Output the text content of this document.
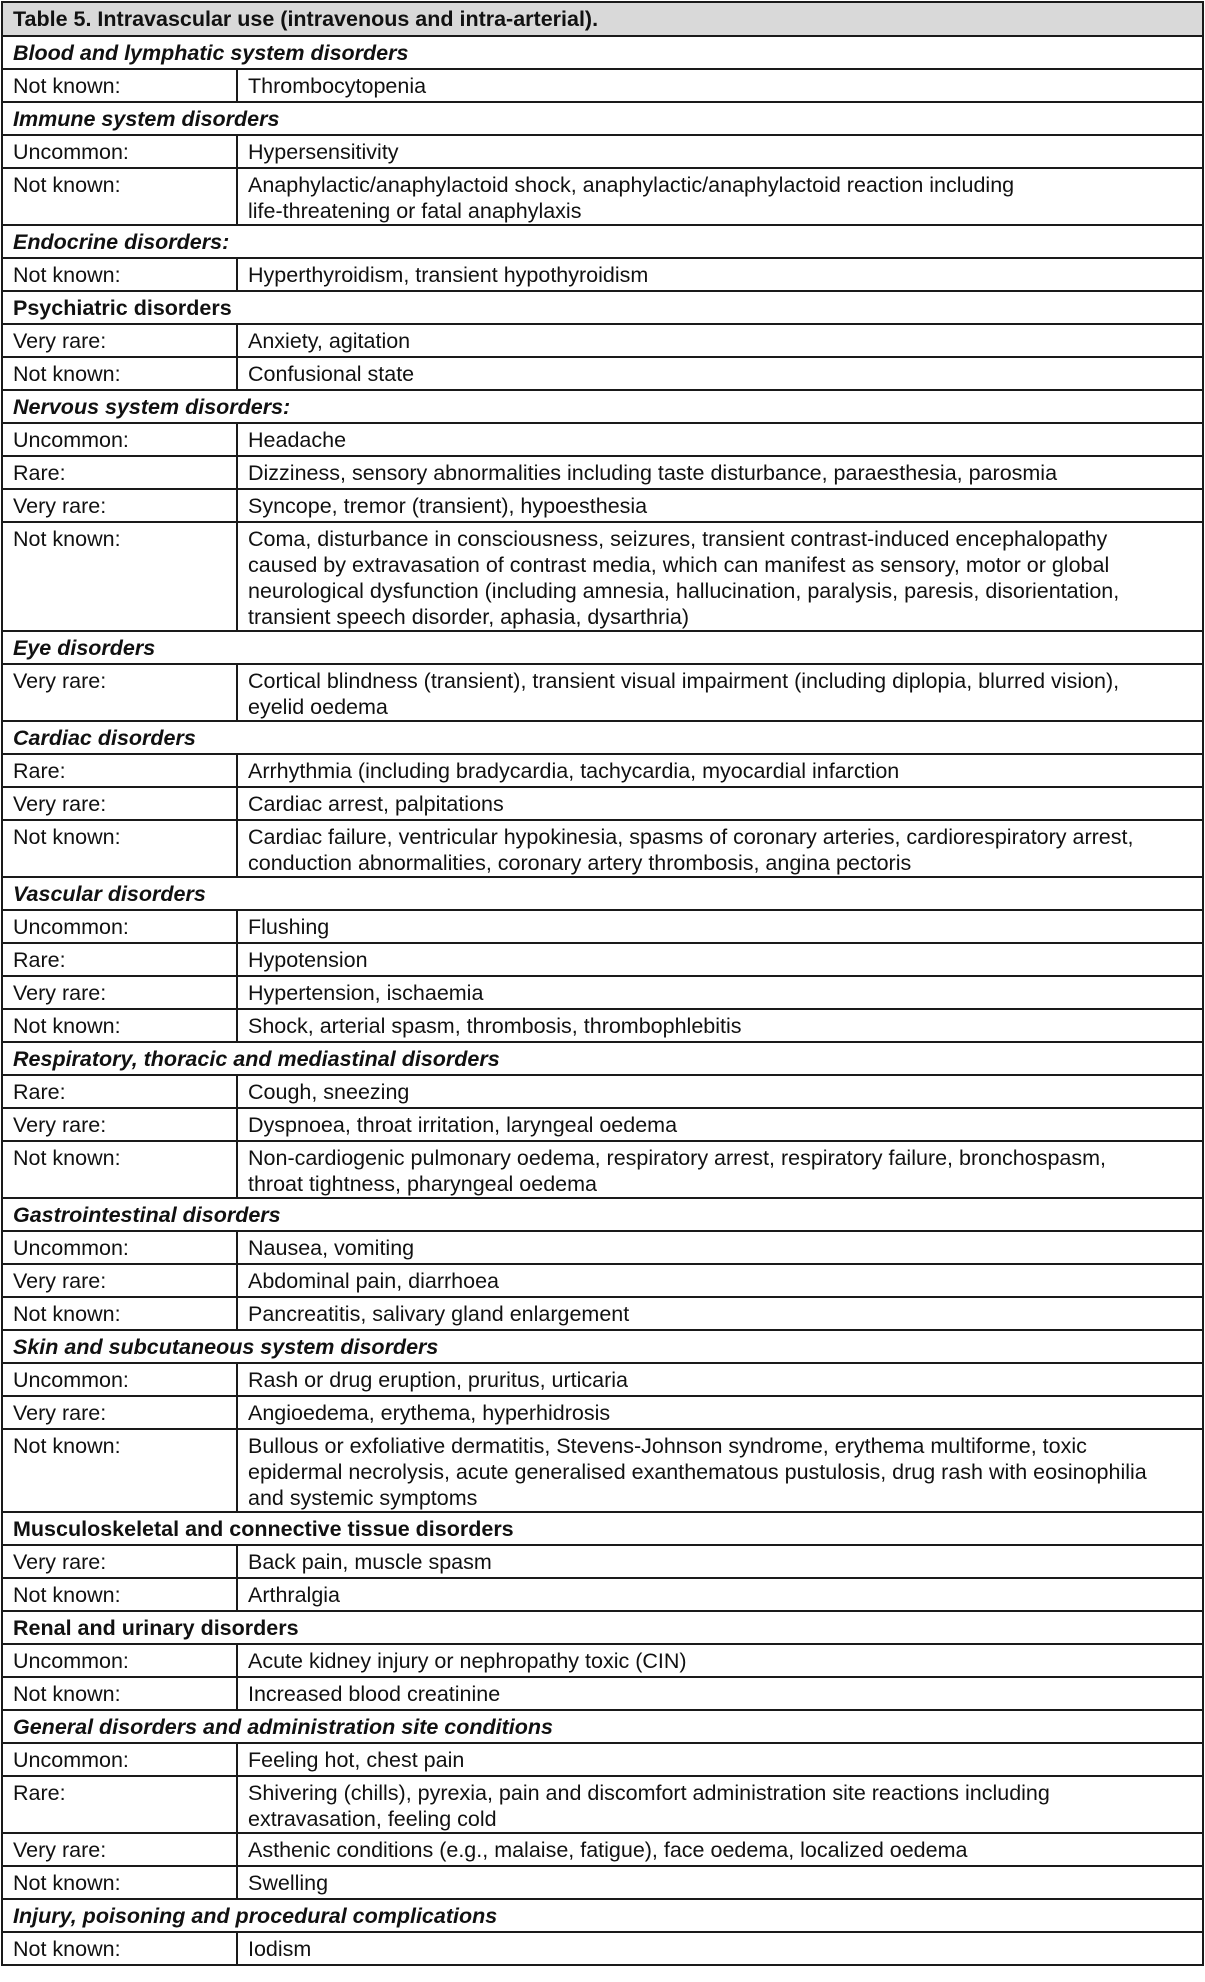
Table 5. Intravascular use (intravenous and intra-arterial).	
Blood and lymphatic system disorders	
Not known:	Thrombocytopenia

Immune system disorders	
Uncommon:	Hypersensitivity

Not known:	Anaphylactic/anaphylactoid shock, anaphylactic/anaphylactoid reaction including
life-threatening or fatal anaphylaxis

Endocrine disorders:	
Not known:	Hyperthyroidism, transient hypothyroidism

Psychiatric disorders	
Very rare:	Anxiety, agitation

Not known:	Confusional state

Nervous system disorders:	
Uncommon:	Headache

Rare:	Dizziness, sensory abnormalities including taste disturbance, paraesthesia, parosmia

Very rare:	Syncope, tremor (transient), hypoesthesia

Not known:	Coma, disturbance in consciousness, seizures, transient contrast-induced encephalopathy
caused by extravasation of contrast media, which can manifest as sensory, motor or global
neurological dysfunction (including amnesia, hallucination, paralysis, paresis, disorientation,
transient speech disorder, aphasia, dysarthria)

Eye disorders	
Very rare:	Cortical blindness (transient), transient visual impairment (including diplopia, blurred vision),
eyelid oedema

Cardiac disorders	
Rare:	Arrhythmia (including bradycardia, tachycardia, myocardial infarction

Very rare:	Cardiac arrest, palpitations

Not known:	Cardiac failure, ventricular hypokinesia, spasms of coronary arteries, cardiorespiratory arrest,
conduction abnormalities, coronary artery thrombosis, angina pectoris

Vascular disorders	
Uncommon:	Flushing

Rare:	Hypotension

Very rare:	Hypertension, ischaemia

Not known:	Shock, arterial spasm, thrombosis, thrombophlebitis

Respiratory, thoracic and mediastinal disorders	
Rare:	Cough, sneezing

Very rare:	Dyspnoea, throat irritation, laryngeal oedema

Not known:	Non-cardiogenic pulmonary oedema, respiratory arrest, respiratory failure, bronchospasm,
throat tightness, pharyngeal oedema

Gastrointestinal disorders	
Uncommon:	Nausea, vomiting

Very rare:	Abdominal pain, diarrhoea

Not known:	Pancreatitis, salivary gland enlargement

Skin and subcutaneous system disorders	
Uncommon:	Rash or drug eruption, pruritus, urticaria

Very rare:	Angioedema, erythema, hyperhidrosis

Not known:	Bullous or exfoliative dermatitis, Stevens-Johnson syndrome, erythema multiforme, toxic
epidermal necrolysis, acute generalised exanthematous pustulosis, drug rash with eosinophilia
and systemic symptoms

Musculoskeletal and connective tissue disorders	
Very rare:	Back pain, muscle spasm

Not known:	Arthralgia

Renal and urinary disorders	
Uncommon:	Acute kidney injury or nephropathy toxic (CIN)

Not known:	Increased blood creatinine

General disorders and administration site conditions	
Uncommon:	Feeling hot, chest pain

Rare:	Shivering (chills), pyrexia, pain and discomfort administration site reactions including
extravasation, feeling cold

Very rare:	Asthenic conditions (e.g., malaise, fatigue), face oedema, localized oedema

Not known:	Swelling

Injury, poisoning and procedural complications	
Not known:	Iodism
